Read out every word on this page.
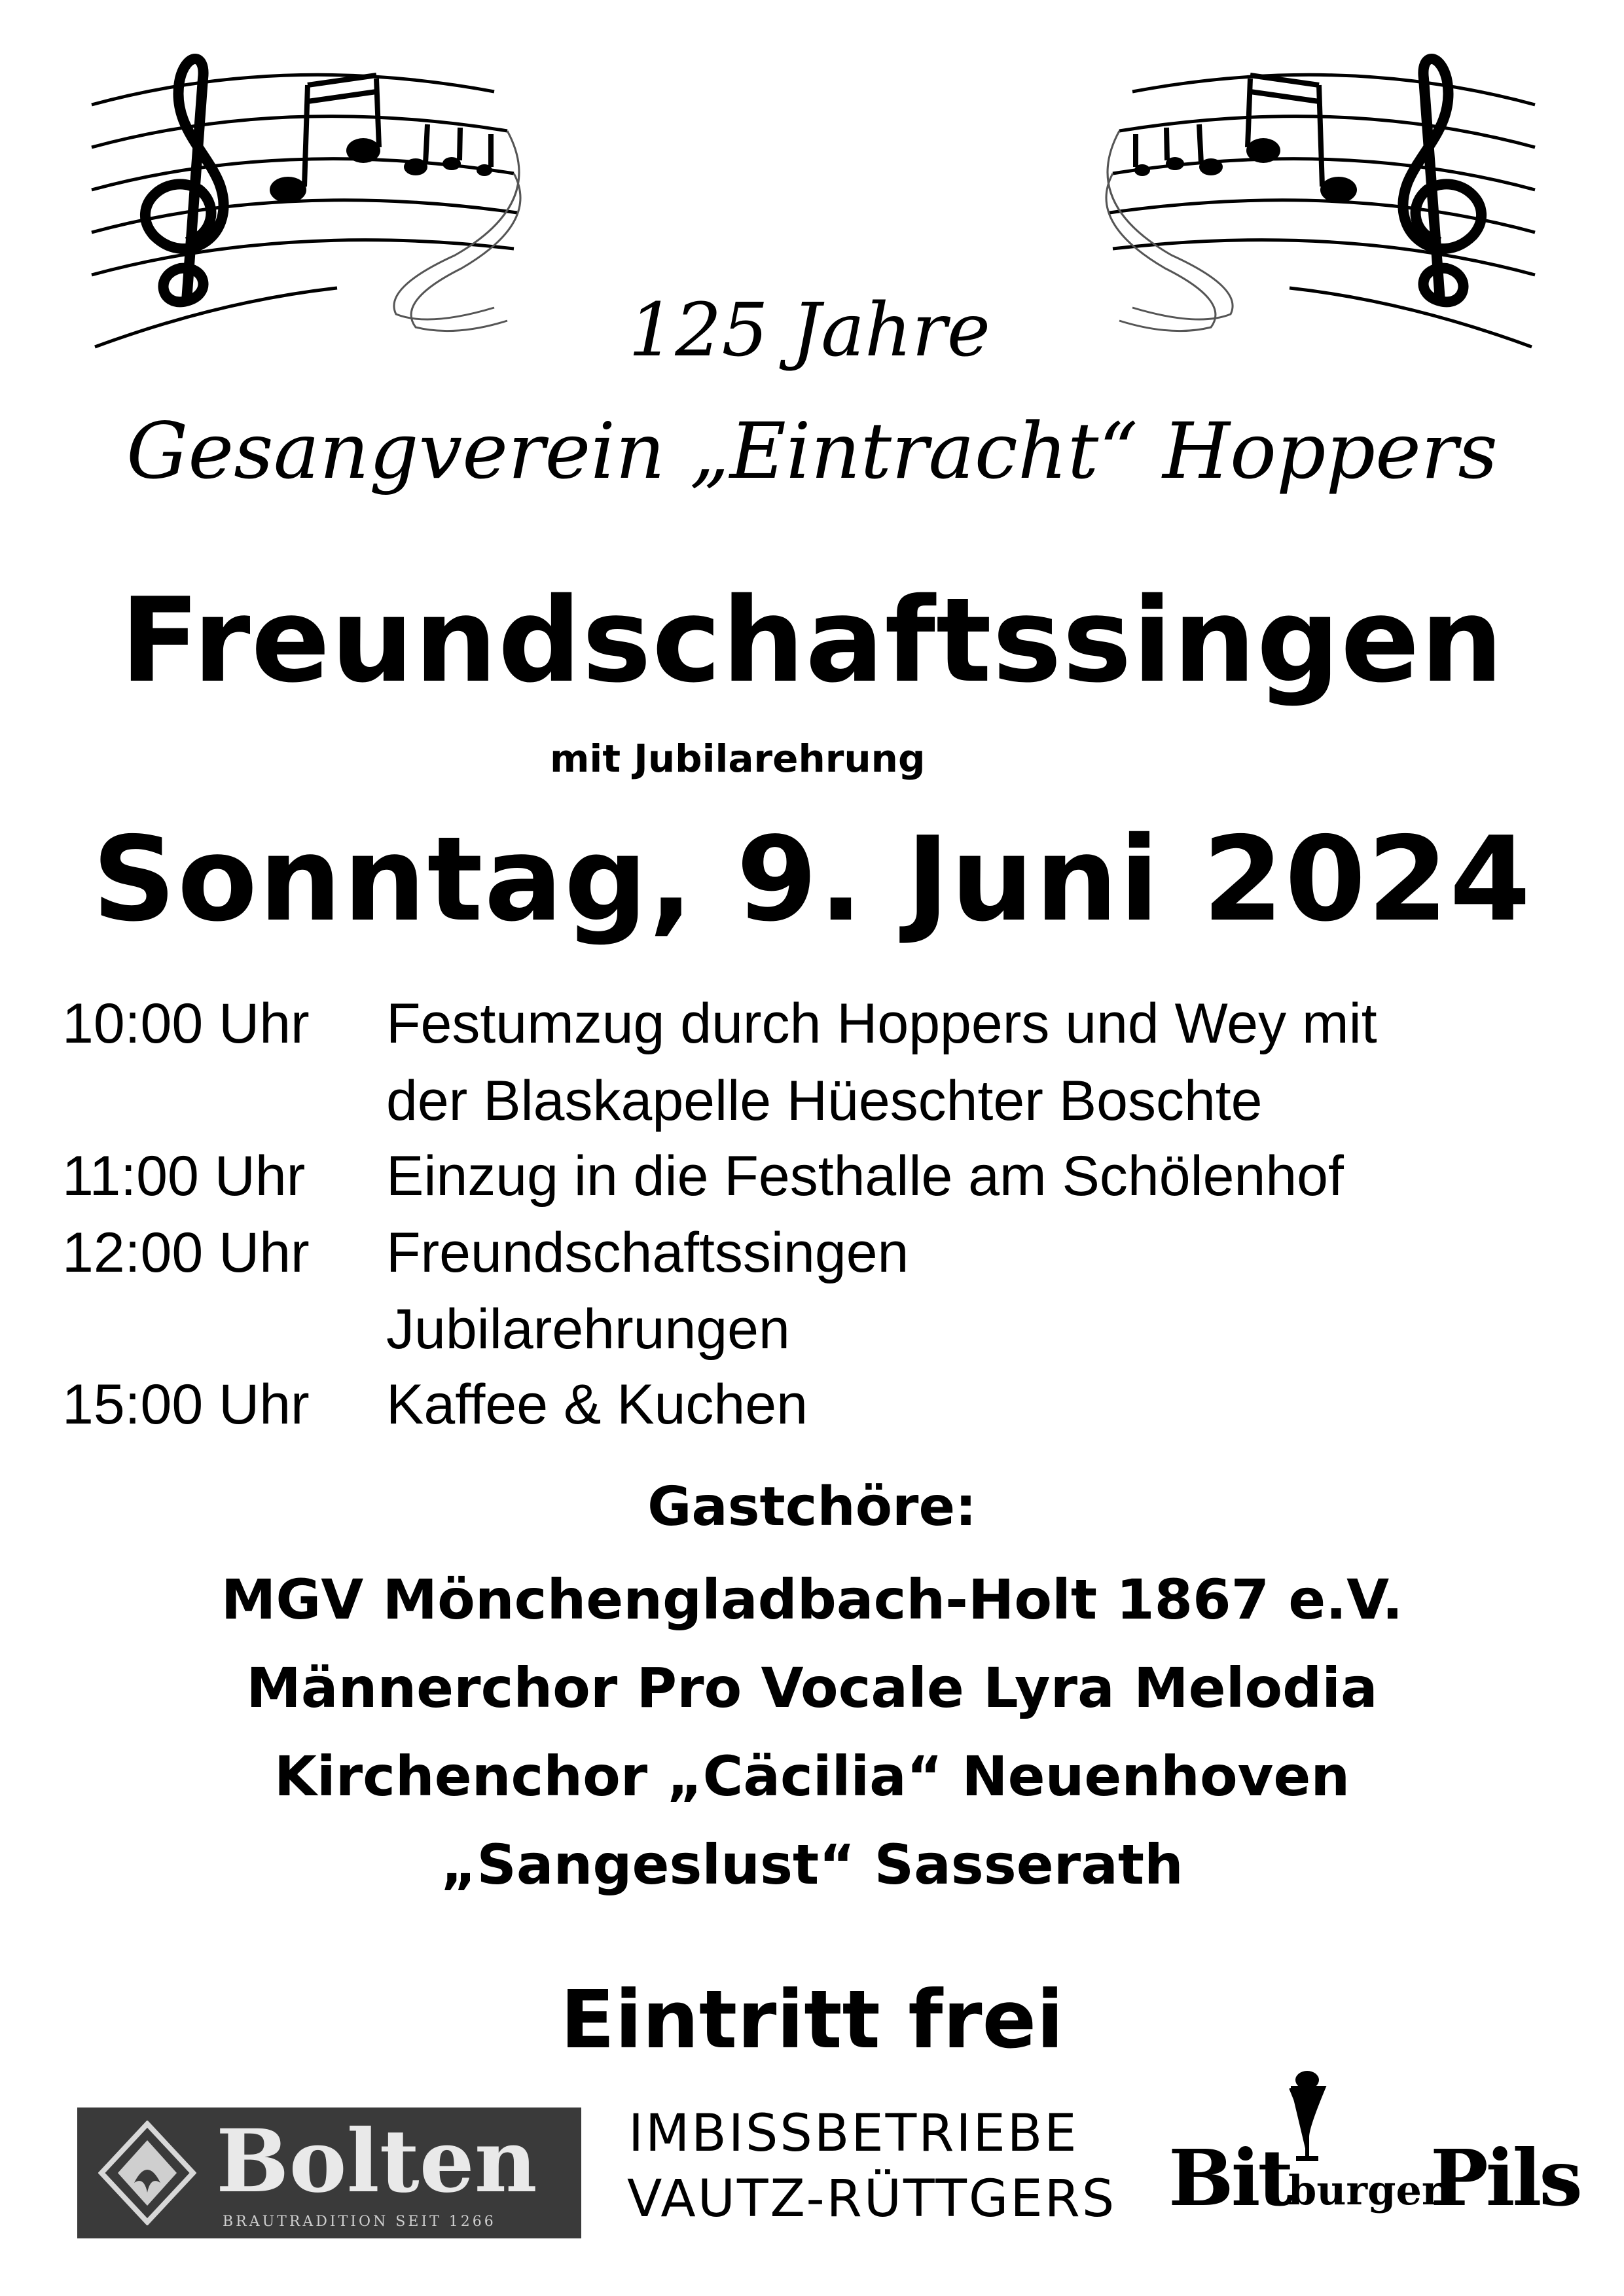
125 Jahre
Gesangverein „Eintracht“ Hoppers
Freundschaftssingen
mit Jubilarehrung
Sonntag, 9. Juni 2024
10:00 Uhr Festumzug durch Hoppers und Wey mit
der Blaskapelle Hüeschter Boschte
11:00 Uhr Einzug in die Festhalle am Schölenhof
12:00 Uhr Freundschaftssingen
Jubilarehrungen
15:00 Uhr Kaffee & Kuchen
Gastchöre:
MGV Mönchengladbach-Holt 1867 e.V.
Männerchor Pro Vocale Lyra Melodia
Kirchenchor „Cäcilia“ Neuenhoven
„Sangeslust“ Sasserath
Eintritt frei
Bolten
BRAUTRADITION SEIT 1266
IMBISSBETRIEBE
VAUTZ-RÜTTGERS Bit
burger
Pils
